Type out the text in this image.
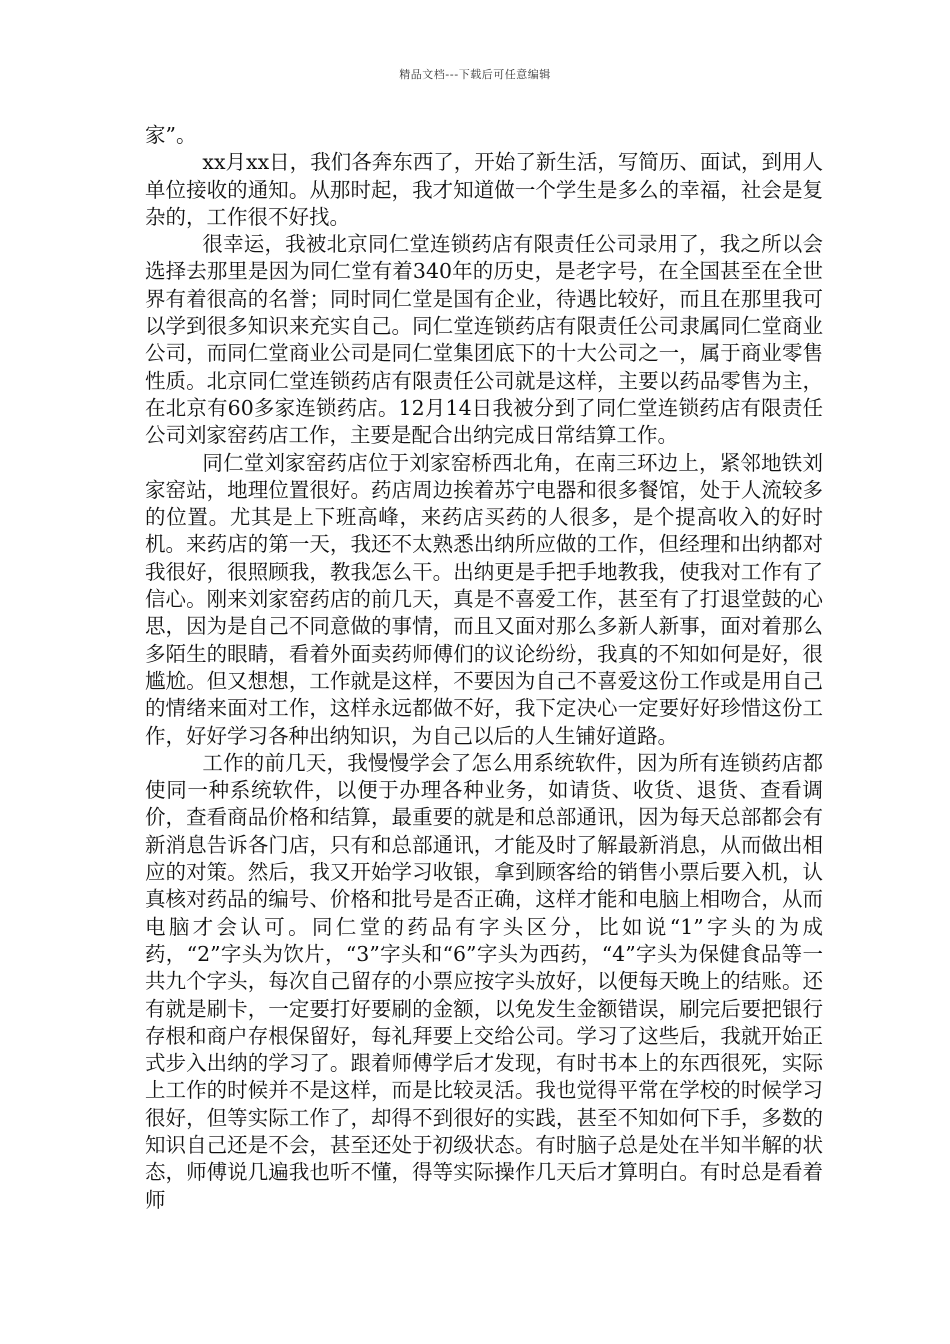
精品文档---下载后可任意编辑

家”。

xx月xx日，我们各奔东西了，开始了新生活，写简历、面试，到用人单位接收的通知。从那时起，我才知道做一个学生是多么的幸福，社会是复杂的，工作很不好找。

很幸运，我被北京同仁堂连锁药店有限责任公司录用了，我之所以会选择去那里是因为同仁堂有着340年的历史，是老字号，在全国甚至在全世界有着很高的名誉；同时同仁堂是国有企业，待遇比较好，而且在那里我可以学到很多知识来充实自己。同仁堂连锁药店有限责任公司隶属同仁堂商业公司，而同仁堂商业公司是同仁堂集团底下的十大公司之一，属于商业零售性质。北京同仁堂连锁药店有限责任公司就是这样，主要以药品零售为主，在北京有60多家连锁药店。12月14日我被分到了同仁堂连锁药店有限责任公司刘家窑药店工作，主要是配合出纳完成日常结算工作。

同仁堂刘家窑药店位于刘家窑桥西北角，在南三环边上，紧邻地铁刘家窑站，地理位置很好。药店周边挨着苏宁电器和很多餐馆，处于人流较多的位置。尤其是上下班高峰，来药店买药的人很多，是个提高收入的好时机。来药店的第一天，我还不太熟悉出纳所应做的工作，但经理和出纳都对我很好，很照顾我，教我怎么干。出纳更是手把手地教我，使我对工作有了信心。刚来刘家窑药店的前几天，真是不喜爱工作，甚至有了打退堂鼓的心思，因为是自己不同意做的事情，而且又面对那么多新人新事，面对着那么多陌生的眼睛，看着外面卖药师傅们的议论纷纷，我真的不知如何是好，很尴尬。但又想想，工作就是这样，不要因为自己不喜爱这份工作或是用自己的情绪来面对工作，这样永远都做不好，我下定决心一定要好好珍惜这份工作，好好学习各种出纳知识，为自己以后的人生铺好道路。

工作的前几天，我慢慢学会了怎么用系统软件，因为所有连锁药店都使同一种系统软件，以便于办理各种业务，如请货、收货、退货、查看调价，查看商品价格和结算，最重要的就是和总部通讯，因为每天总部都会有新消息告诉各门店，只有和总部通讯，才能及时了解最新消息，从而做出相应的对策。然后，我又开始学习收银，拿到顾客给的销售小票后要入机，认真核对药品的编号、价格和批号是否正确，这样才能和电脑上相吻合，从而电脑才会认可。同仁堂的药品有字头区分，比如说“1”字头的为成药，“2”字头为饮片，“3”字头和“6”字头为西药，“4”字头为保健食品等一共九个字头，每次自己留存的小票应按字头放好，以便每天晚上的结账。还有就是刷卡，一定要打好要刷的金额，以免发生金额错误，刷完后要把银行存根和商户存根保留好，每礼拜要上交给公司。学习了这些后，我就开始正式步入出纳的学习了。跟着师傅学后才发现，有时书本上的东西很死，实际上工作的时候并不是这样，而是比较灵活。我也觉得平常在学校的时候学习很好，但等实际工作了，却得不到很好的实践，甚至不知如何下手，多数的知识自己还是不会，甚至还处于初级状态。有时脑子总是处在半知半解的状态，师傅说几遍我也听不懂，得等实际操作几天后才算明白。有时总是看着师
